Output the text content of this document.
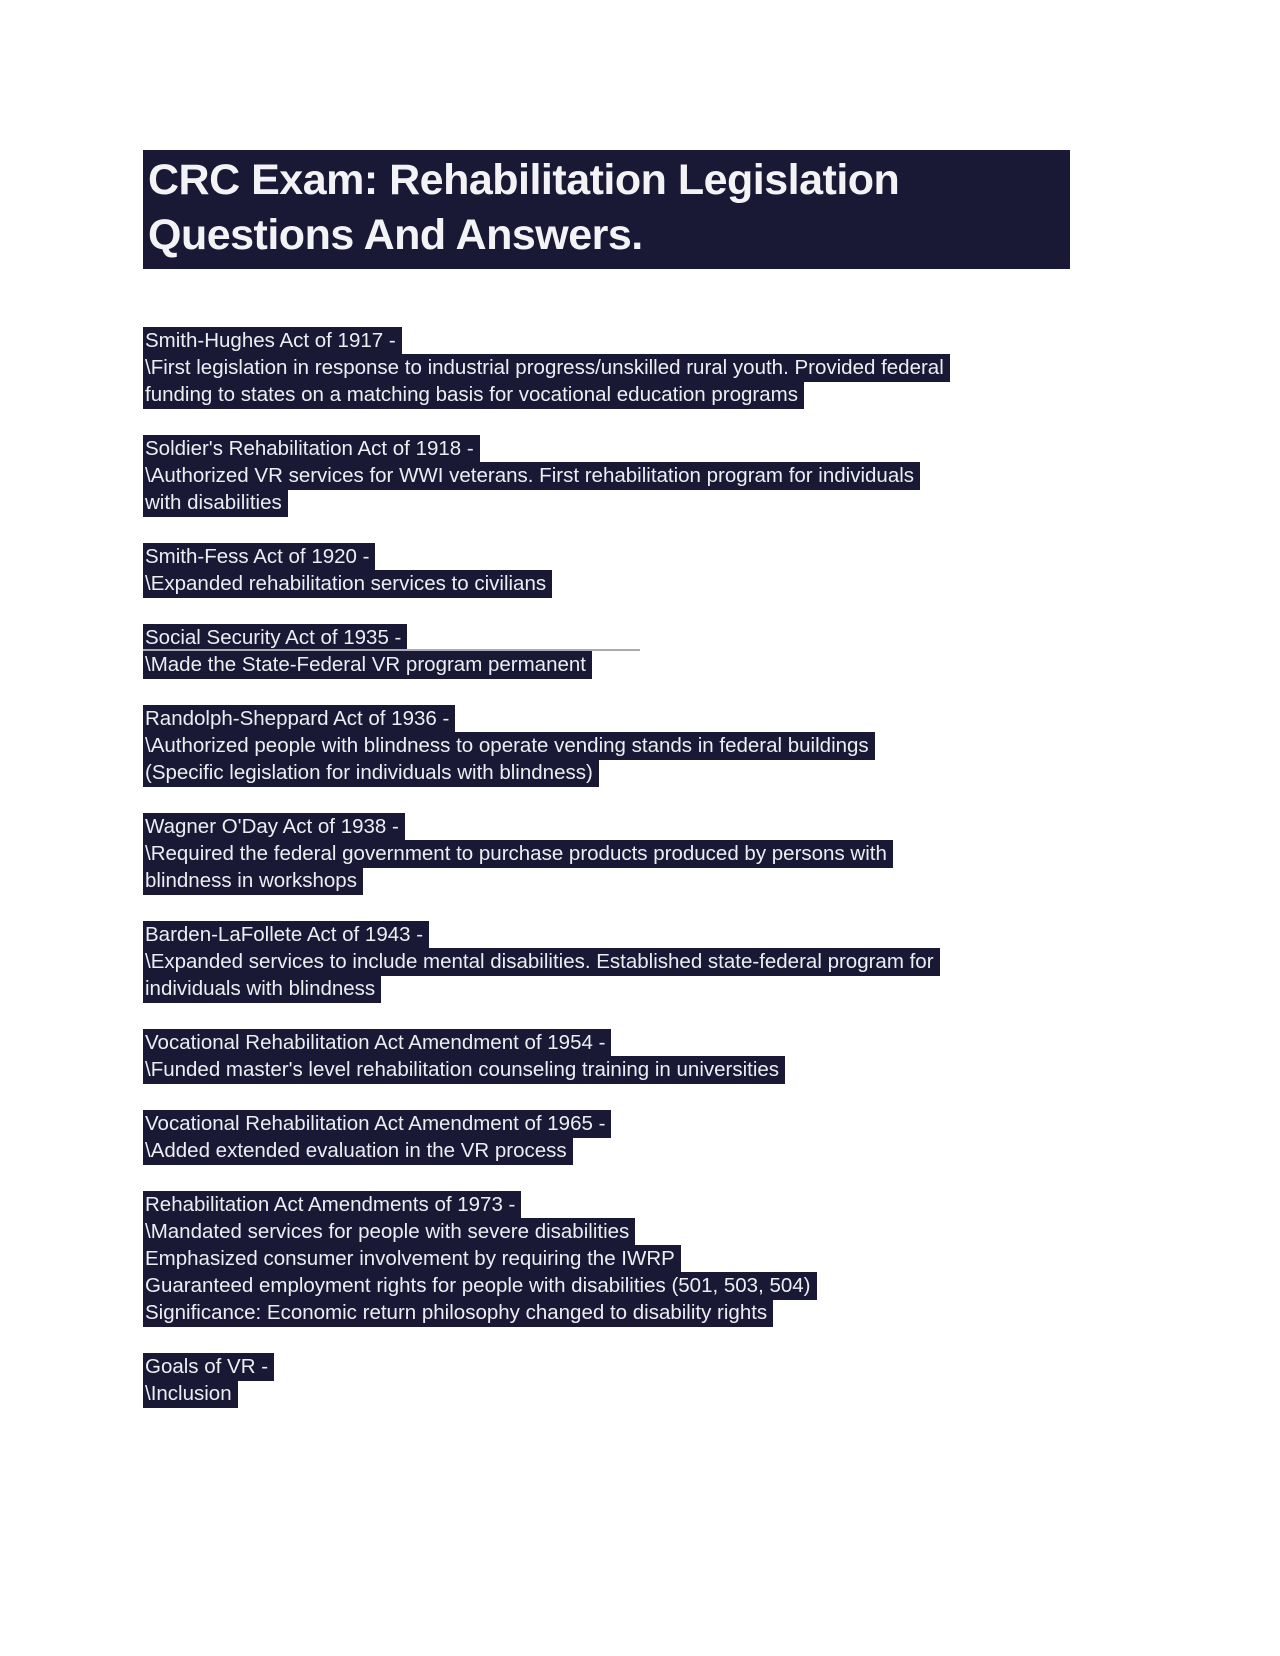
CRC Exam: Rehabilitation Legislation
Questions And Answers.
Smith-Hughes Act of 1917 -
\First legislation in response to industrial progress/unskilled rural youth. Provided federal
funding to states on a matching basis for vocational education programs
Soldier's Rehabilitation Act of 1918 -
\Authorized VR services for WWI veterans. First rehabilitation program for individuals
with disabilities
Smith-Fess Act of 1920 -
\Expanded rehabilitation services to civilians
Social Security Act of 1935 -
\Made the State-Federal VR program permanent
Randolph-Sheppard Act of 1936 -
\Authorized people with blindness to operate vending stands in federal buildings
(Specific legislation for individuals with blindness)
Wagner O'Day Act of 1938 -
\Required the federal government to purchase products produced by persons with
blindness in workshops
Barden-LaFollete Act of 1943 -
\Expanded services to include mental disabilities. Established state-federal program for
individuals with blindness
Vocational Rehabilitation Act Amendment of 1954 -
\Funded master's level rehabilitation counseling training in universities
Vocational Rehabilitation Act Amendment of 1965 -
\Added extended evaluation in the VR process
Rehabilitation Act Amendments of 1973 -
\Mandated services for people with severe disabilities
Emphasized consumer involvement by requiring the IWRP
Guaranteed employment rights for people with disabilities (501, 503, 504)
Significance: Economic return philosophy changed to disability rights
Goals of VR -
\Inclusion
